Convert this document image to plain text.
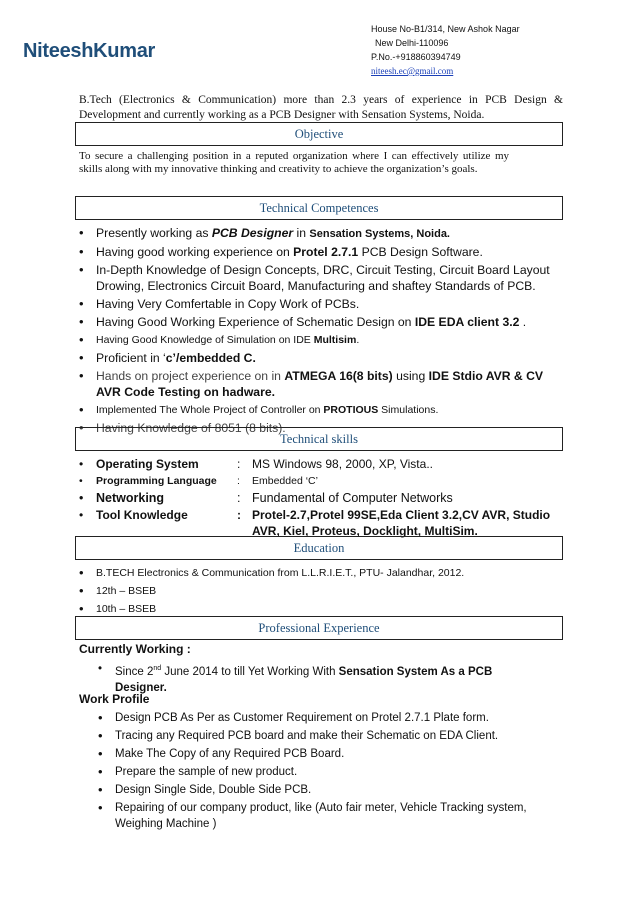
NiteeshKumar
House No-B1/314, New Ashok Nagar
New Delhi-110096
P.No.-+918860394749
niteesh.ec@gmail.com
B.Tech (Electronics & Communication) more than 2.3 years of experience in PCB Design & Development and currently working as a PCB Designer with Sensation Systems, Noida.
Objective
To secure a challenging position in a reputed organization where I can effectively utilize my skills along with my innovative thinking and creativity to achieve the organization’s goals.
Technical Competences
• Presently working as PCB Designer in Sensation Systems, Noida.
• Having good working experience on Protel 2.7.1 PCB Design Software.
• In-Depth Knowledge of Design Concepts, DRC, Circuit Testing, Circuit Board Layout Drowing, Electronics Circuit Board, Manufacturing and shaftey Standards of PCB.
• Having Very Comfertable in Copy Work of PCBs.
• Having Good Working Experience of Schematic Design on IDE EDA client 3.2 .
• Having Good Knowledge of Simulation on IDE Multisim.
• Proficient in ‘c’/embedded C.
• Hands on project experience on in ATMEGA 16(8 bits) using IDE Stdio AVR & CV AVR Code Testing on hadware.
• Implemented The Whole Project of Controller on PROTIOUS Simulations.
• Having Knowledge of 8051 (8 bits).
Technical skills
• Operating System	: MS Windows 98, 2000, XP, Vista..
• Programming Language : Embedded ‘C’
• Networking	: Fundamental of Computer Networks
• Tool Knowledge	: Protel-2.7,Protel 99SE,Eda Client 3.2,CV AVR, Studio AVR, Kiel, Proteus, Docklight, MultiSim.
Education
• B.TECH Electronics & Communication from L.L.R.I.E.T., PTU- Jalandhar, 2012.
• 12th – BSEB
• 10th – BSEB
Professional Experience
Currently Working :
• Since 2nd June 2014 to till Yet Working With Sensation System As a PCB Designer.
Work Profile
• Design PCB As Per as Customer Requirement on Protel 2.7.1 Plate form.
• Tracing any Required PCB board and make their Schematic on EDA Client.
• Make The Copy of any Required PCB Board.
• Prepare the sample of new product.
• Design Single Side, Double Side PCB.
• Repairing of our company product, like (Auto fair meter, Vehicle Tracking system, Weighing Machine )
